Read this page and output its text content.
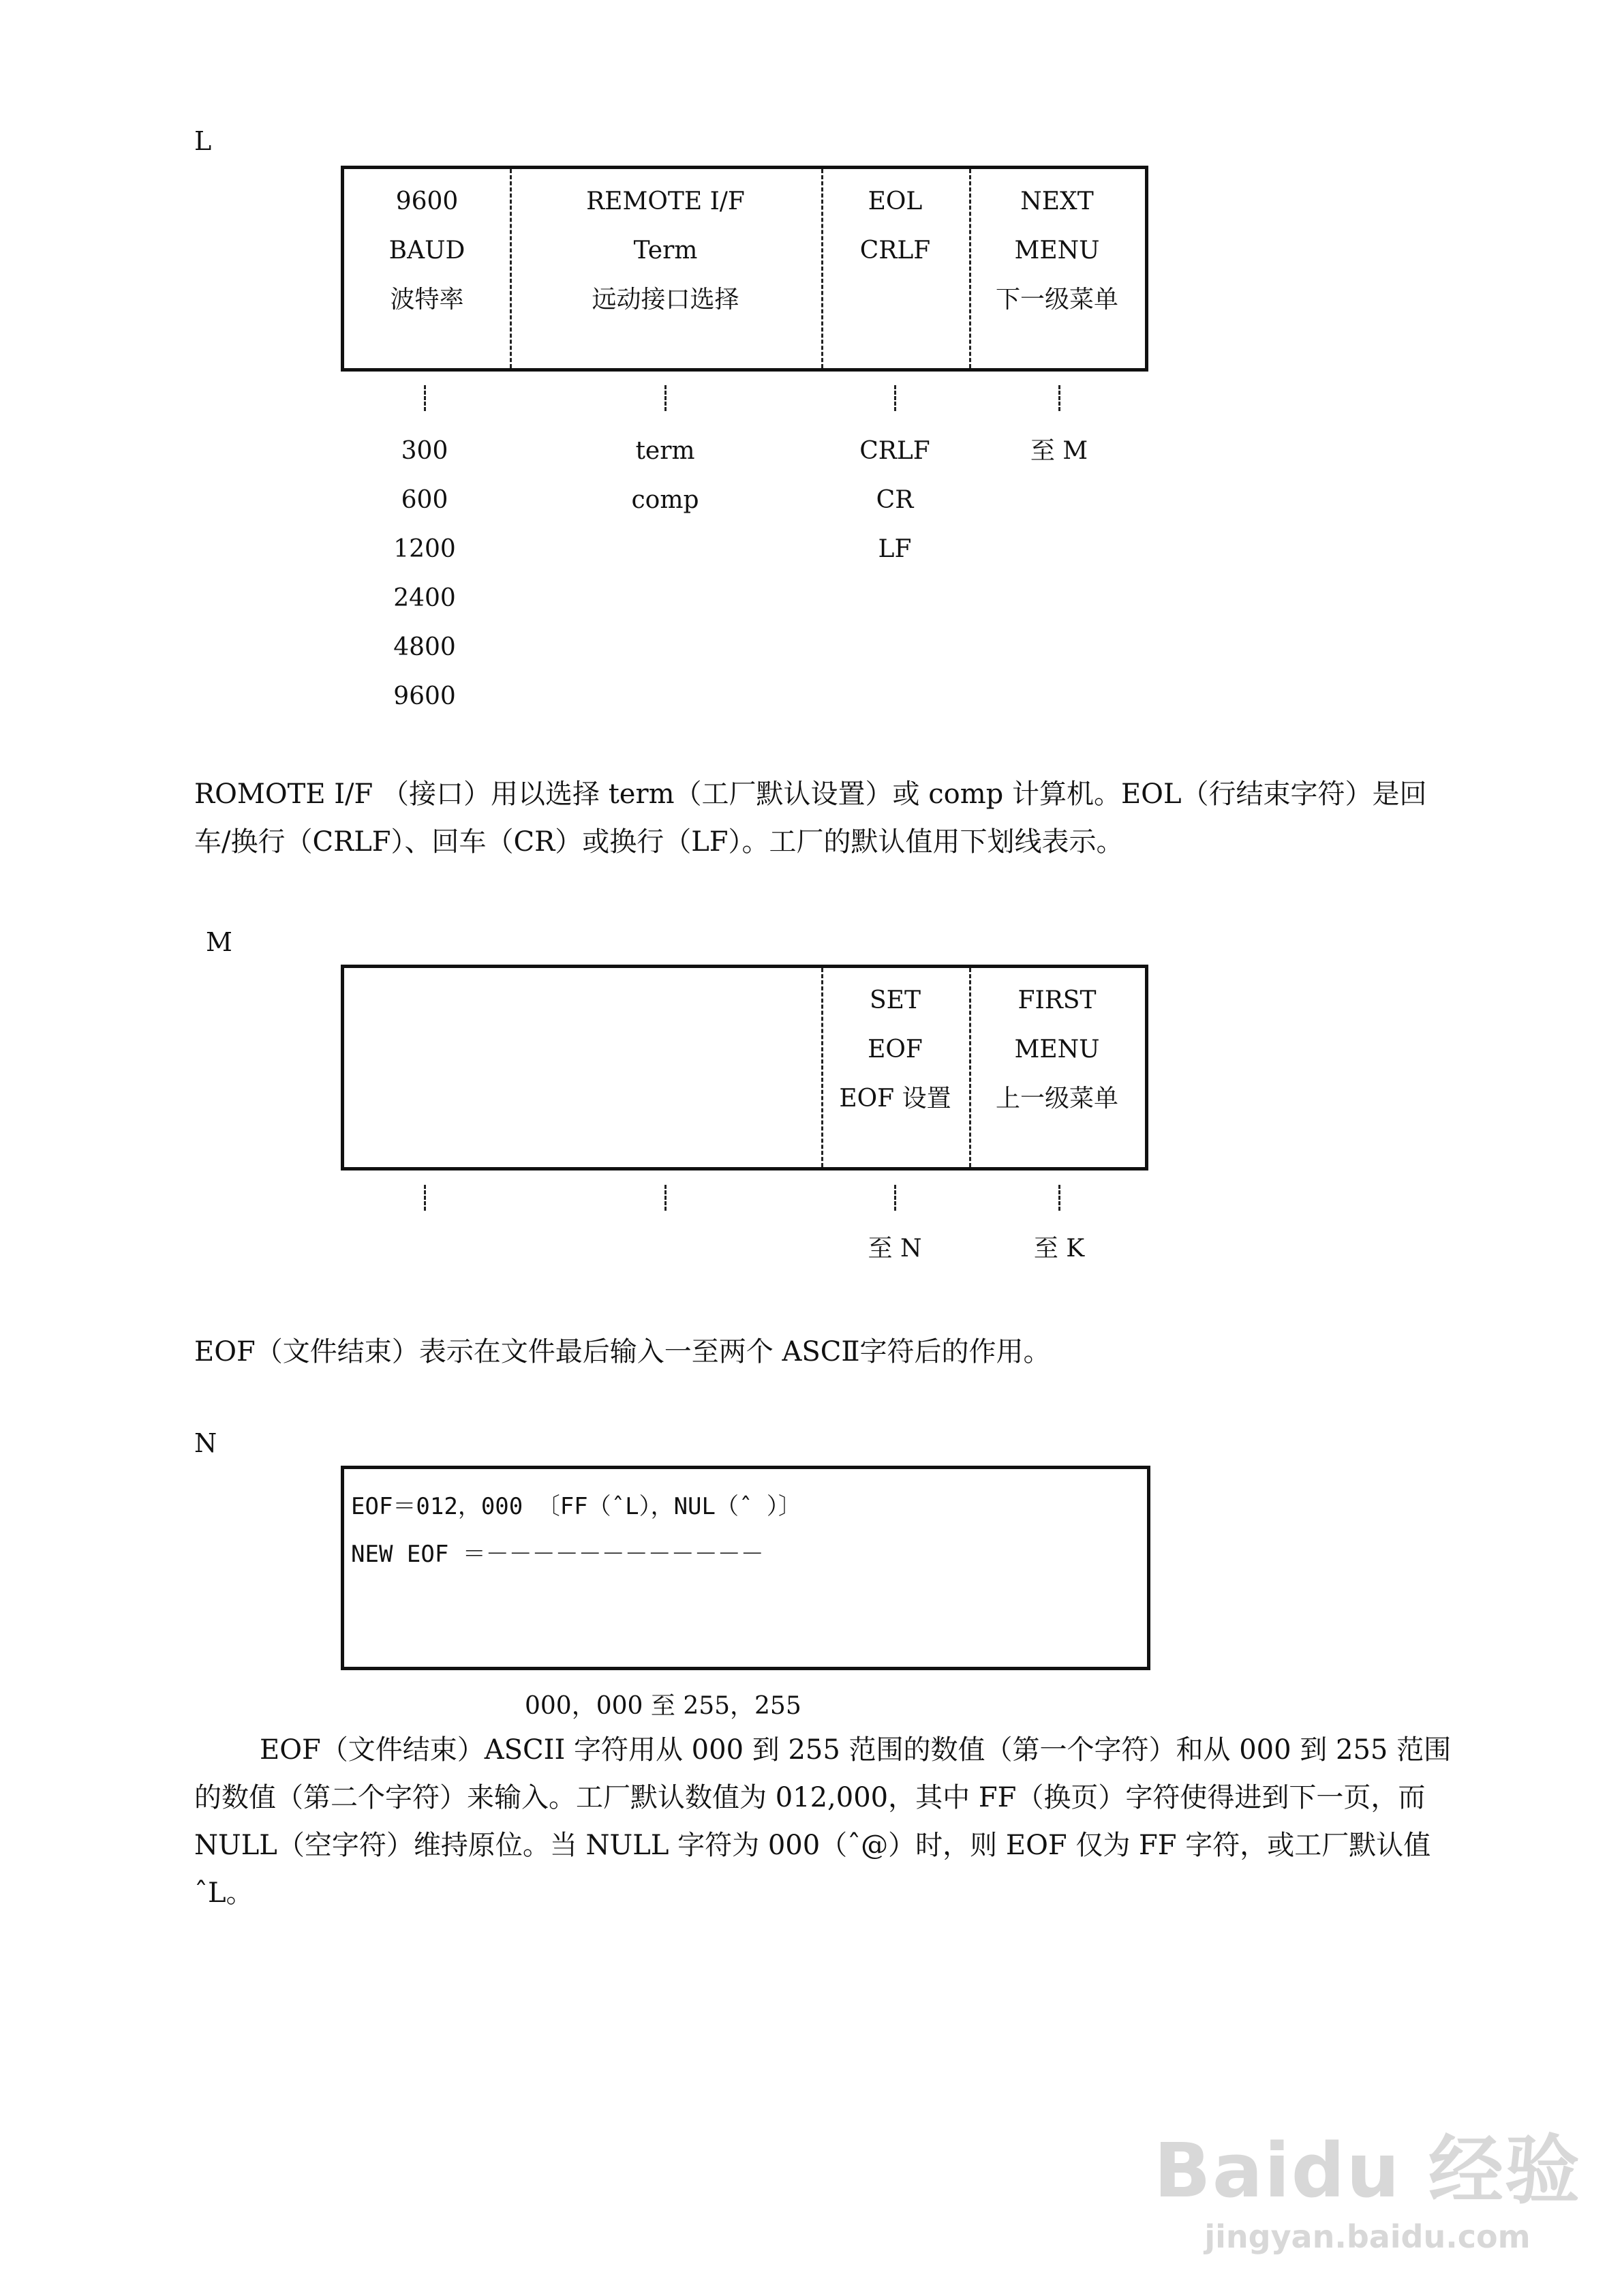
L
9600
BAUD
波特率
REMOTE I/F
Term
远动接口选择
EOL
CRLF
NEXT
MENU
下一级菜单
300
600
1200
2400
4800
9600
term
comp
CRLF
CR
LF
至 M

ROMOTE I/F （接口）用以选择 term（工厂默认设置）或 comp 计算机。EOL（行结束字符）是回车/换行（CRLF）、回车（CR）或换行（LF）。工厂的默认值用下划线表示。

M
SET
EOF
EOF 设置
FIRST
MENU
上一级菜单
至 N	至 K

EOF（文件结束）表示在文件最后输入一至两个 ASCⅡ字符后的作用。

N
EOF＝012，000 〔FF（ˆL），NUL（ˆ ）〕
NEW EOF ＝－－－－－－－－－－－－
000，000 至 255，255

EOF（文件结束）ASCII 字符用从 000 到 255 范围的数值（第一个字符）和从 000 到 255 范围的数值（第二个字符）来输入。工厂默认数值为 012,000，其中 FF（换页）字符使得进到下一页，而 NULL（空字符）维持原位。当 NULL 字符为 000（ˆ@）时，则 EOF 仅为 FF 字符，或工厂默认值ˆL。

Baidu 经验
jingyan.baidu.com
